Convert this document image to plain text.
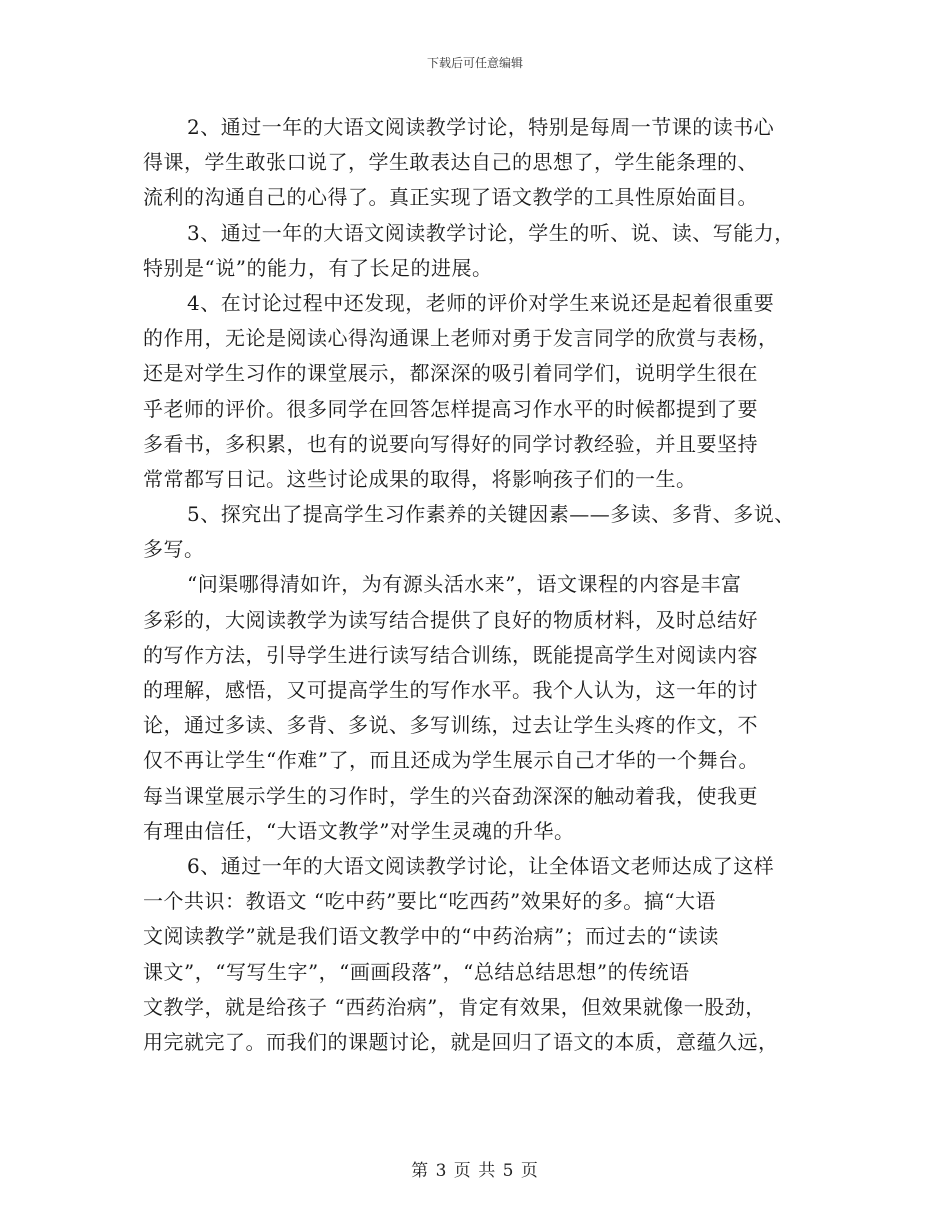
下载后可任意编辑
2、通过一年的大语文阅读教学讨论，特别是每周一节课的读书心
得课，学生敢张口说了，学生敢表达自己的思想了，学生能条理的、
流利的沟通自己的心得了。真正实现了语文教学的工具性原始面目。
3、通过一年的大语文阅读教学讨论，学生的听、说、读、写能力，
特别是“说”的能力，有了长足的进展。
4、在讨论过程中还发现，老师的评价对学生来说还是起着很重要
的作用，无论是阅读心得沟通课上老师对勇于发言同学的欣赏与表杨，
还是对学生习作的课堂展示，都深深的吸引着同学们，说明学生很在
乎老师的评价。很多同学在回答怎样提高习作水平的时候都提到了要
多看书，多积累，也有的说要向写得好的同学讨教经验，并且要坚持
常常都写日记。这些讨论成果的取得，将影响孩子们的一生。
5、探究出了提高学生习作素养的关键因素——多读、多背、多说、
多写。
“问渠哪得清如许，为有源头活水来”，语文课程的内容是丰富
多彩的，大阅读教学为读写结合提供了良好的物质材料，及时总结好
的写作方法，引导学生进行读写结合训练，既能提高学生对阅读内容
的理解，感悟，又可提高学生的写作水平。我个人认为，这一年的讨
论，通过多读、多背、多说、多写训练，过去让学生头疼的作文，不
仅不再让学生“作难”了，而且还成为学生展示自己才华的一个舞台。
每当课堂展示学生的习作时，学生的兴奋劲深深的触动着我，使我更
有理由信任，“大语文教学”对学生灵魂的升华。
6、通过一年的大语文阅读教学讨论，让全体语文老师达成了这样
一个共识：教语文 “吃中药”要比“吃西药”效果好的多。搞“大语
文阅读教学”就是我们语文教学中的“中药治病”；而过去的“读读
课文”，“写写生字”，“画画段落”，“总结总结思想”的传统语
文教学，就是给孩子 “西药治病”，肯定有效果，但效果就像一股劲，
用完就完了。而我们的课题讨论，就是回归了语文的本质，意蕴久远，
第 3 页 共 5 页
